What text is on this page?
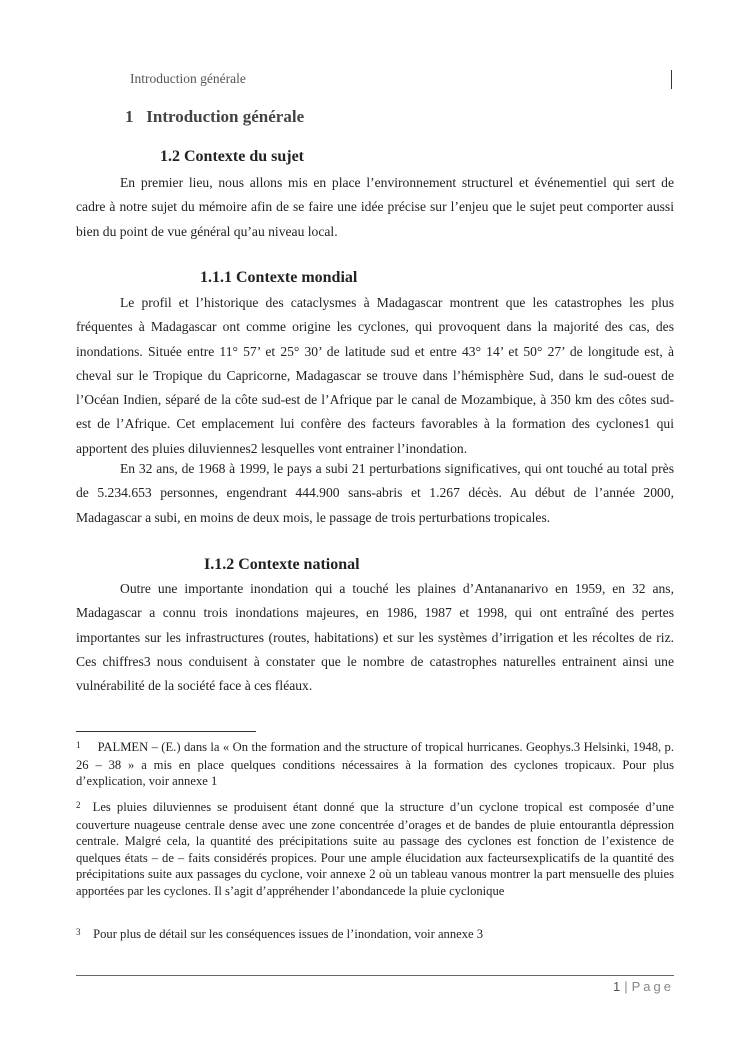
Introduction générale
1   Introduction générale
1.2 Contexte du sujet

En premier lieu, nous allons mis en place l’environnement structurel et événementiel qui sert de cadre à notre sujet du mémoire afin de se faire une idée précise sur l’enjeu que le sujet peut comporter aussi bien du point de vue général qu’au niveau local.

1.1.1 Contexte mondial

Le profil et l’historique des cataclysmes à Madagascar montrent que les catastrophes les plus fréquentes à Madagascar ont comme origine les cyclones, qui provoquent dans la majorité des cas, des inondations. Située entre 11° 57’ et 25° 30’ de latitude sud et entre 43° 14’ et 50° 27’ de longitude est, à cheval sur le Tropique du Capricorne, Madagascar se trouve dans l’hémisphère Sud, dans le sud-ouest de l’Océan Indien, séparé de la côte sud-est de l’Afrique par le canal de Mozambique, à 350 km des côtes sud-est de l’Afrique. Cet emplacement lui confère des facteurs favorables à la formation des cyclones1 qui apportent des pluies diluviennes2 lesquelles vont entrainer l’inondation.

En 32 ans, de 1968 à 1999, le pays a subi 21 perturbations significatives, qui ont touché au total près de 5.234.653 personnes, engendrant 444.900 sans-abris et 1.267 décès. Au début de l’année 2000, Madagascar a subi, en moins de deux mois, le passage de trois perturbations tropicales.

I.1.2 Contexte national

Outre une importante inondation qui a touché les plaines d’Antananarivo en 1959, en 32 ans, Madagascar a connu trois inondations majeures, en 1986, 1987 et 1998, qui ont entraîné des pertes importantes sur les infrastructures (routes, habitations) et sur les systèmes d’irrigation et les récoltes de riz. Ces chiffres3 nous conduisent à constater que le nombre de catastrophes naturelles entrainent ainsi une vulnérabilité de la société face à ces fléaux.

$^1$ PALMEN – (E.) dans la « On the formation and the structure of tropical hurricanes. Geophys.3 Helsinki, 1948, p. 26 – 38 » a mis en place quelques conditions nécessaires à la formation des cyclones tropicaux. Pour plus d’explication, voir annexe 1

$^2$ Les pluies diluviennes se produisent étant donné que la structure d’un cyclone tropical est composée d’une couverture nuageuse centrale dense avec une zone concentrée d’orages et de bandes de pluie entourantla dépression centrale. Malgré cela, la quantité des précipitations suite au passage des cyclones est fonction de l’existence de quelques états – de – faits considérés propices. Pour une ample élucidation aux facteursexplicatifs de la quantité des précipitations suite aux passages du cyclone, voir annexe 2 où un tableau vanous montrer la part mensuelle des pluies apportées par les cyclones. Il s’agit d’appréhender l’abondancede la pluie cyclonique

$^3$ Pour plus de détail sur les conséquences issues de l’inondation, voir annexe 3

1 | Page
